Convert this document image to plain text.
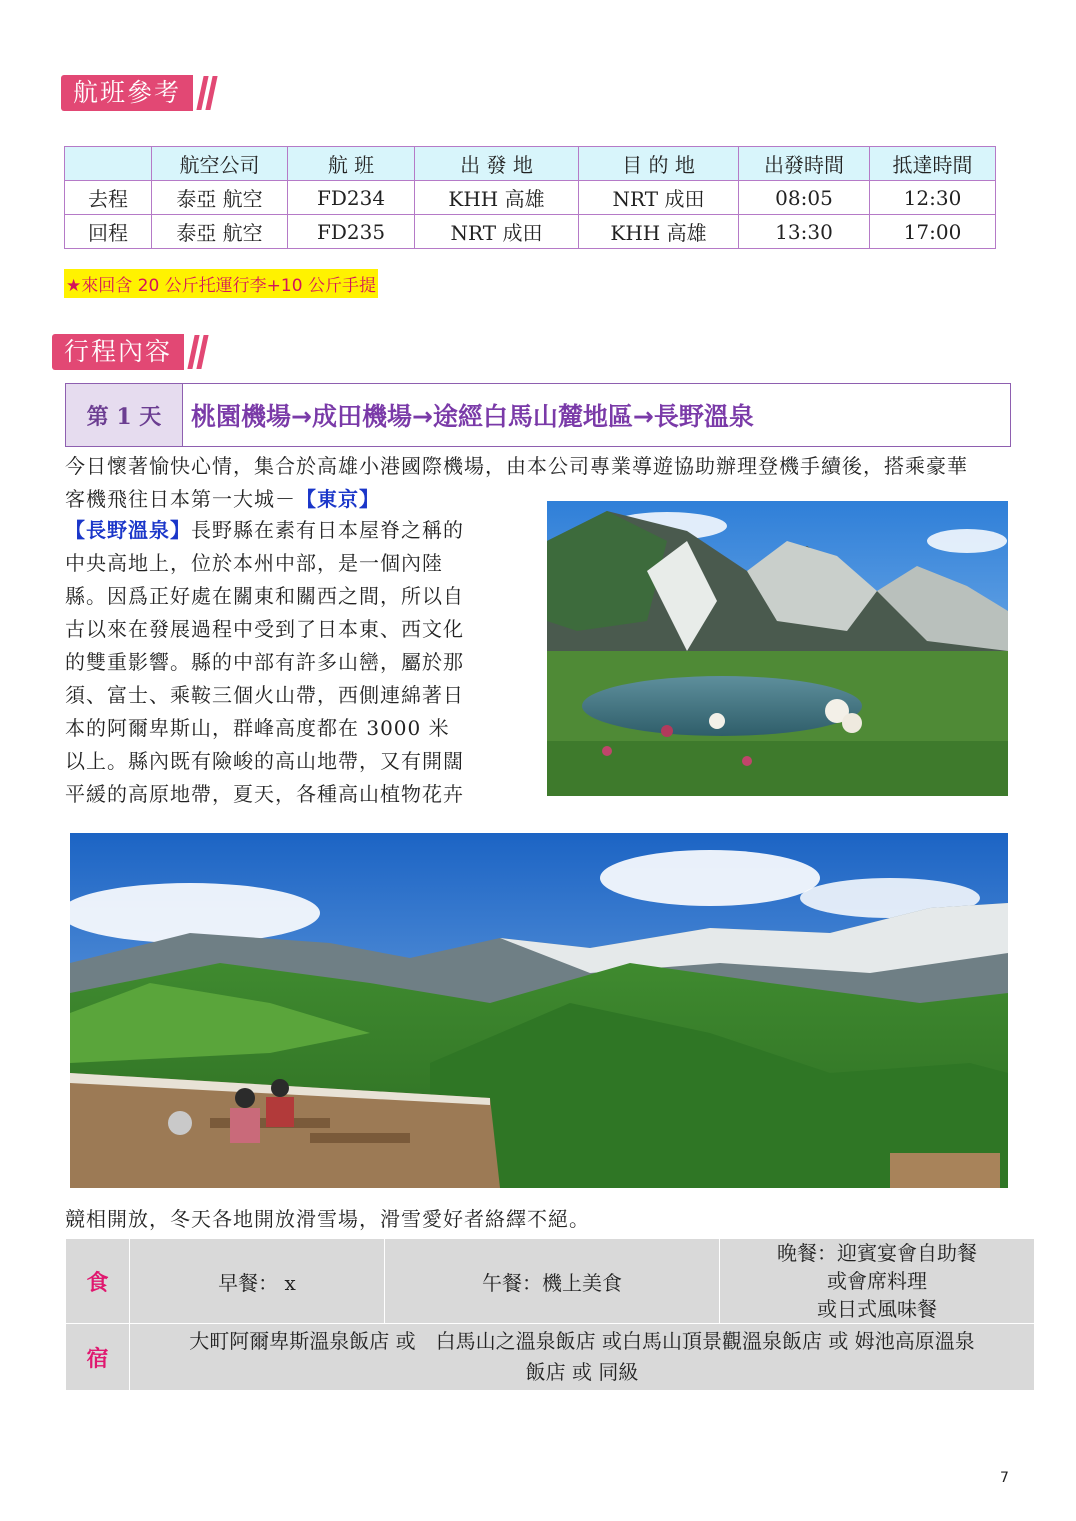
航班參考
	航空公司	航 班	出 發 地	目 的 地	出發時間	抵達時間
去程	泰亞 航空	FD234	KHH 高雄	NRT 成田	08:05	12:30
回程	泰亞 航空	FD235	NRT 成田	KHH 高雄	13:30	17:00
★來回含 20 公斤托運行李+10 公斤手提
行程內容
第 1 天	桃園機場→成田機場→途經白馬山麓地區→長野溫泉
今日懷著愉快心情，集合於高雄小港國際機場，由本公司專業導遊協助辦理登機手續後，搭乘豪華
客機飛往日本第一大城－【東京】
【長野溫泉】長野縣在素有日本屋脊之稱的
中央高地上，位於本州中部，是一個內陸
縣。因爲正好處在關東和關西之間，所以自
古以來在發展過程中受到了日本東、西文化
的雙重影響。縣的中部有許多山巒，屬於那
須、富士、乘鞍三個火山帶，西側連綿著日
本的阿爾卑斯山，群峰高度都在 3000 米
以上。縣內既有險峻的高山地帶，又有開闊
平緩的高原地帶，夏天，各種高山植物花卉
競相開放，冬天各地開放滑雪場，滑雪愛好者絡繹不絕。
食	早餐： x	午餐：機上美食	晚餐：迎賓宴會自助餐
或會席料理
或日式風味餐

宿	大町阿爾卑斯溫泉飯店 或　白馬山之溫泉飯店 或白馬山頂景觀溫泉飯店 或 姆池高原溫泉
飯店 或 同級		
7
